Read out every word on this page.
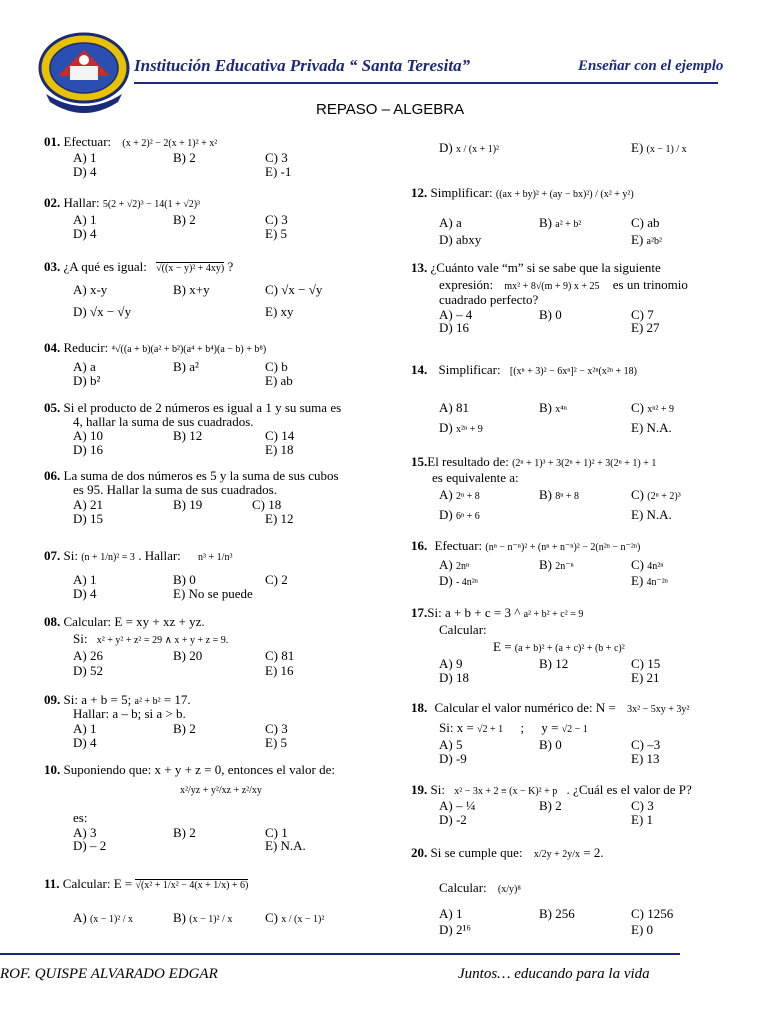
Institución Educativa Privada “ Santa Teresita”	Enseñar con el ejemplo
REPASO – ALGEBRA
01. Efectuar: (x + 2)² − 2(x + 1)² + x²
A) 1	B) 2	C) 3
D) 4	E) -1
02. Hallar: 5(2 + √2)³ − 14(1 + √2)³
A) 1	B) 2	C) 3
D) 4	E) 5
03. ¿A qué es igual: √((x − y)² + 4xy) ?
A) x-y	B) x+y	C) √x − √y
D) √x − √y	E) xy
04. Reducir: ⁴√((a + b)(a² + b²)(a⁴ + b⁴)(a − b) + b⁸)
A) a	B) a²	C) b
D) b²	E) ab
05. Si el producto de 2 números es igual a 1 y su suma es
4, hallar la suma de sus cuadrados.
A) 10	B) 12	C) 14
D) 16	E) 18
06. La suma de dos números es 5 y la suma de sus cubos
es 95. Hallar la suma de sus cuadrados.
A) 21	B) 19	C) 18
D) 15	E) 12
07. Si: (n + 1/n)² = 3 . Hallar: n³ + 1/n³
A) 1	B) 0	C) 2
D) 4	E) No se puede
08. Calcular: E = xy + xz + yz.
Si: x² + y² + z² = 29 ∧ x + y + z = 9.
A) 26	B) 20	C) 81
D) 52	E) 16
09. Si: a + b = 5; a² + b² = 17.
Hallar: a – b; si a > b.
A) 1	B) 2	C) 3
D) 4	E) 5
10. Suponiendo que: x + y + z = 0, entonces el valor de:
x²/yz + y²/xz + z²/xy
es:
A) 3	B) 2	C) 1
D) – 2	E) N.A.
11. Calcular: E = √(x² + 1/x² − 4(x + 1/x) + 6)
A) (x − 1)² / x	B) (x − 1)² / x	C) x / (x − 1)²
D) x / (x + 1)²	E) (x − 1) / x
12. Simplificar: ((ax + by)² + (ay − bx)²) / (x² + y²)
A) a	B) a² + b²	C) ab
D) abxy	E) a²b²
13. ¿Cuánto vale “m” si se sabe que la siguiente
expresión: mx² + 8√(m + 9) x + 25 es un trinomio
cuadrado perfecto?
A) – 4	B) 0	C) 7
D) 16	E) 27
14. Simplificar: [(xⁿ + 3)² − 6xⁿ]² − x²ⁿ(x²ⁿ + 18)
A) 81	B) x⁴ⁿ	C) xⁿ² + 9
D) x²ⁿ + 9	E) N.A.
15.El resultado de: (2ⁿ + 1)³ + 3(2ⁿ + 1)² + 3(2ⁿ + 1) + 1
es equivalente a:
A) 2ⁿ + 8	B) 8ⁿ + 8	C) (2ⁿ + 2)³
D) 6ⁿ + 6	E) N.A.
16. Efectuar: (nⁿ − n⁻ⁿ)² + (nⁿ + n⁻ⁿ)² − 2(n²ⁿ − n⁻²ⁿ)
A) 2nⁿ	B) 2n⁻ⁿ	C) 4n²ⁿ
D) - 4n²ⁿ	E) 4n⁻²ⁿ
17.Si: a + b + c = 3 ^ a² + b² + c² = 9
Calcular:
E = (a + b)² + (a + c)² + (b + c)²
A) 9	B) 12	C) 15
D) 18	E) 21
18. Calcular el valor numérico de: N = 3x² − 5xy + 3y²
Si: x = √2 + 1 ; y = √2 − 1
A) 5	B) 0	C) –3
D) -9	E) 13
19. Si: x² − 3x + 2 ≡ (x − K)² + p . ¿Cuál es el valor de P?
A) – ¼	B) 2	C) 3
D) -2	E) 1
20. Si se cumple que: x/2y + 2y/x = 2.
Calcular: (x/y)⁸
A) 1	B) 256	C) 1256
D) 2¹⁶	E) 0
ROF. QUISPE ALVARADO EDGAR	Juntos… educando para la vida
